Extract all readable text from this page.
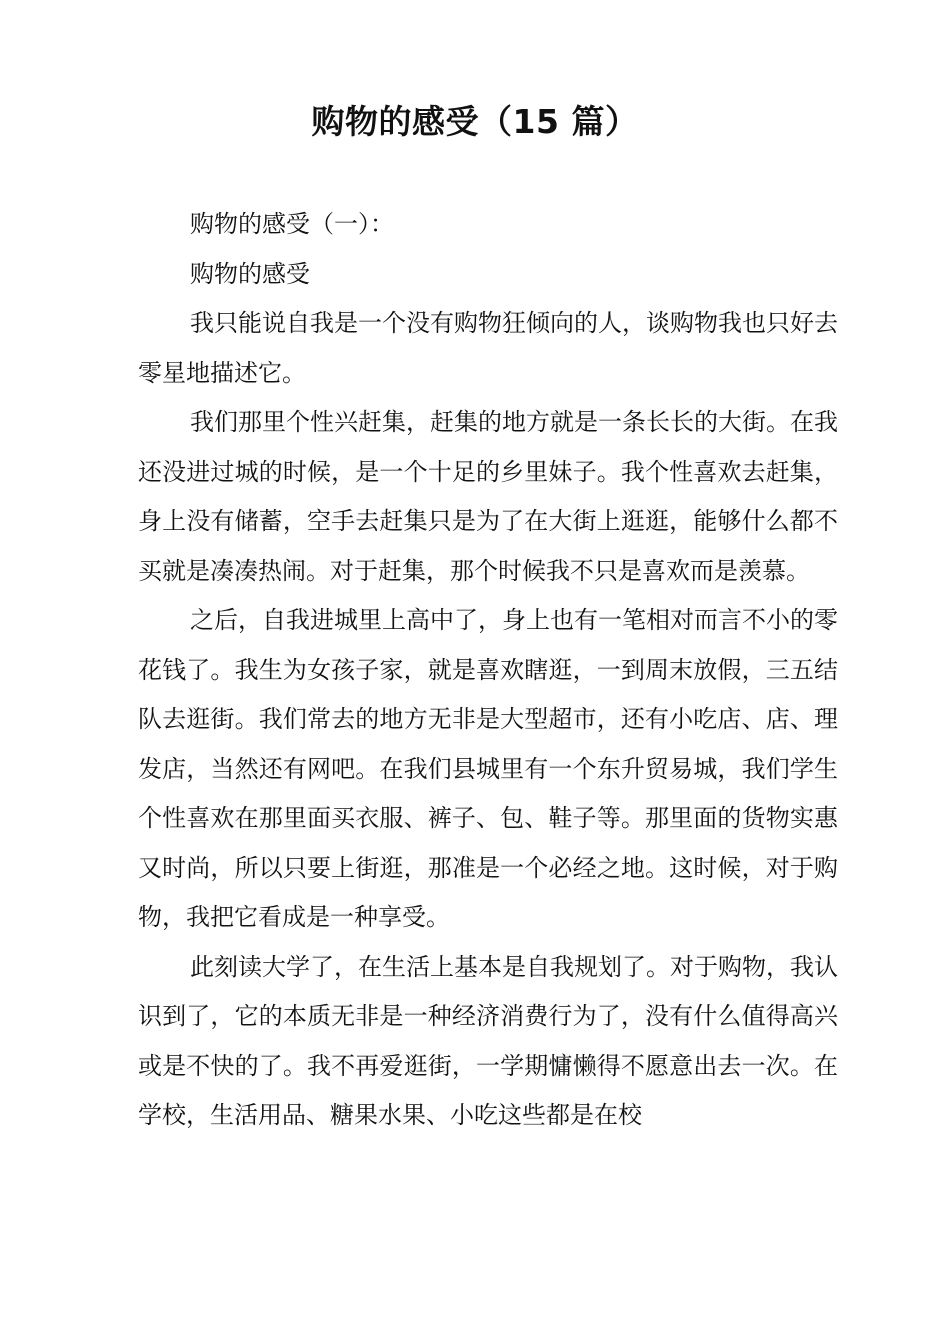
购物的感受（15 篇）

购物的感受（一）：

购物的感受

我只能说自我是一个没有购物狂倾向的人，谈购物我也只好去零星地描述它。

我们那里个性兴赶集，赶集的地方就是一条长长的大街。在我还没进过城的时候，是一个十足的乡里妹子。我个性喜欢去赶集，身上没有储蓄，空手去赶集只是为了在大街上逛逛，能够什么都不买就是凑凑热闹。对于赶集，那个时候我不只是喜欢而是羡慕。

之后，自我进城里上高中了，身上也有一笔相对而言不小的零花钱了。我生为女孩子家，就是喜欢瞎逛，一到周末放假，三五结队去逛街。我们常去的地方无非是大型超市，还有小吃店、店、理发店，当然还有网吧。在我们县城里有一个东升贸易城，我们学生个性喜欢在那里面买衣服、裤子、包、鞋子等。那里面的货物实惠又时尚，所以只要上街逛，那准是一个必经之地。这时候，对于购物，我把它看成是一种享受。

此刻读大学了，在生活上基本是自我规划了。对于购物，我认识到了，它的本质无非是一种经济消费行为了，没有什么值得高兴或是不快的了。我不再爱逛街，一学期慵懒得不愿意出去一次。在学校，生活用品、糖果水果、小吃这些都是在校
